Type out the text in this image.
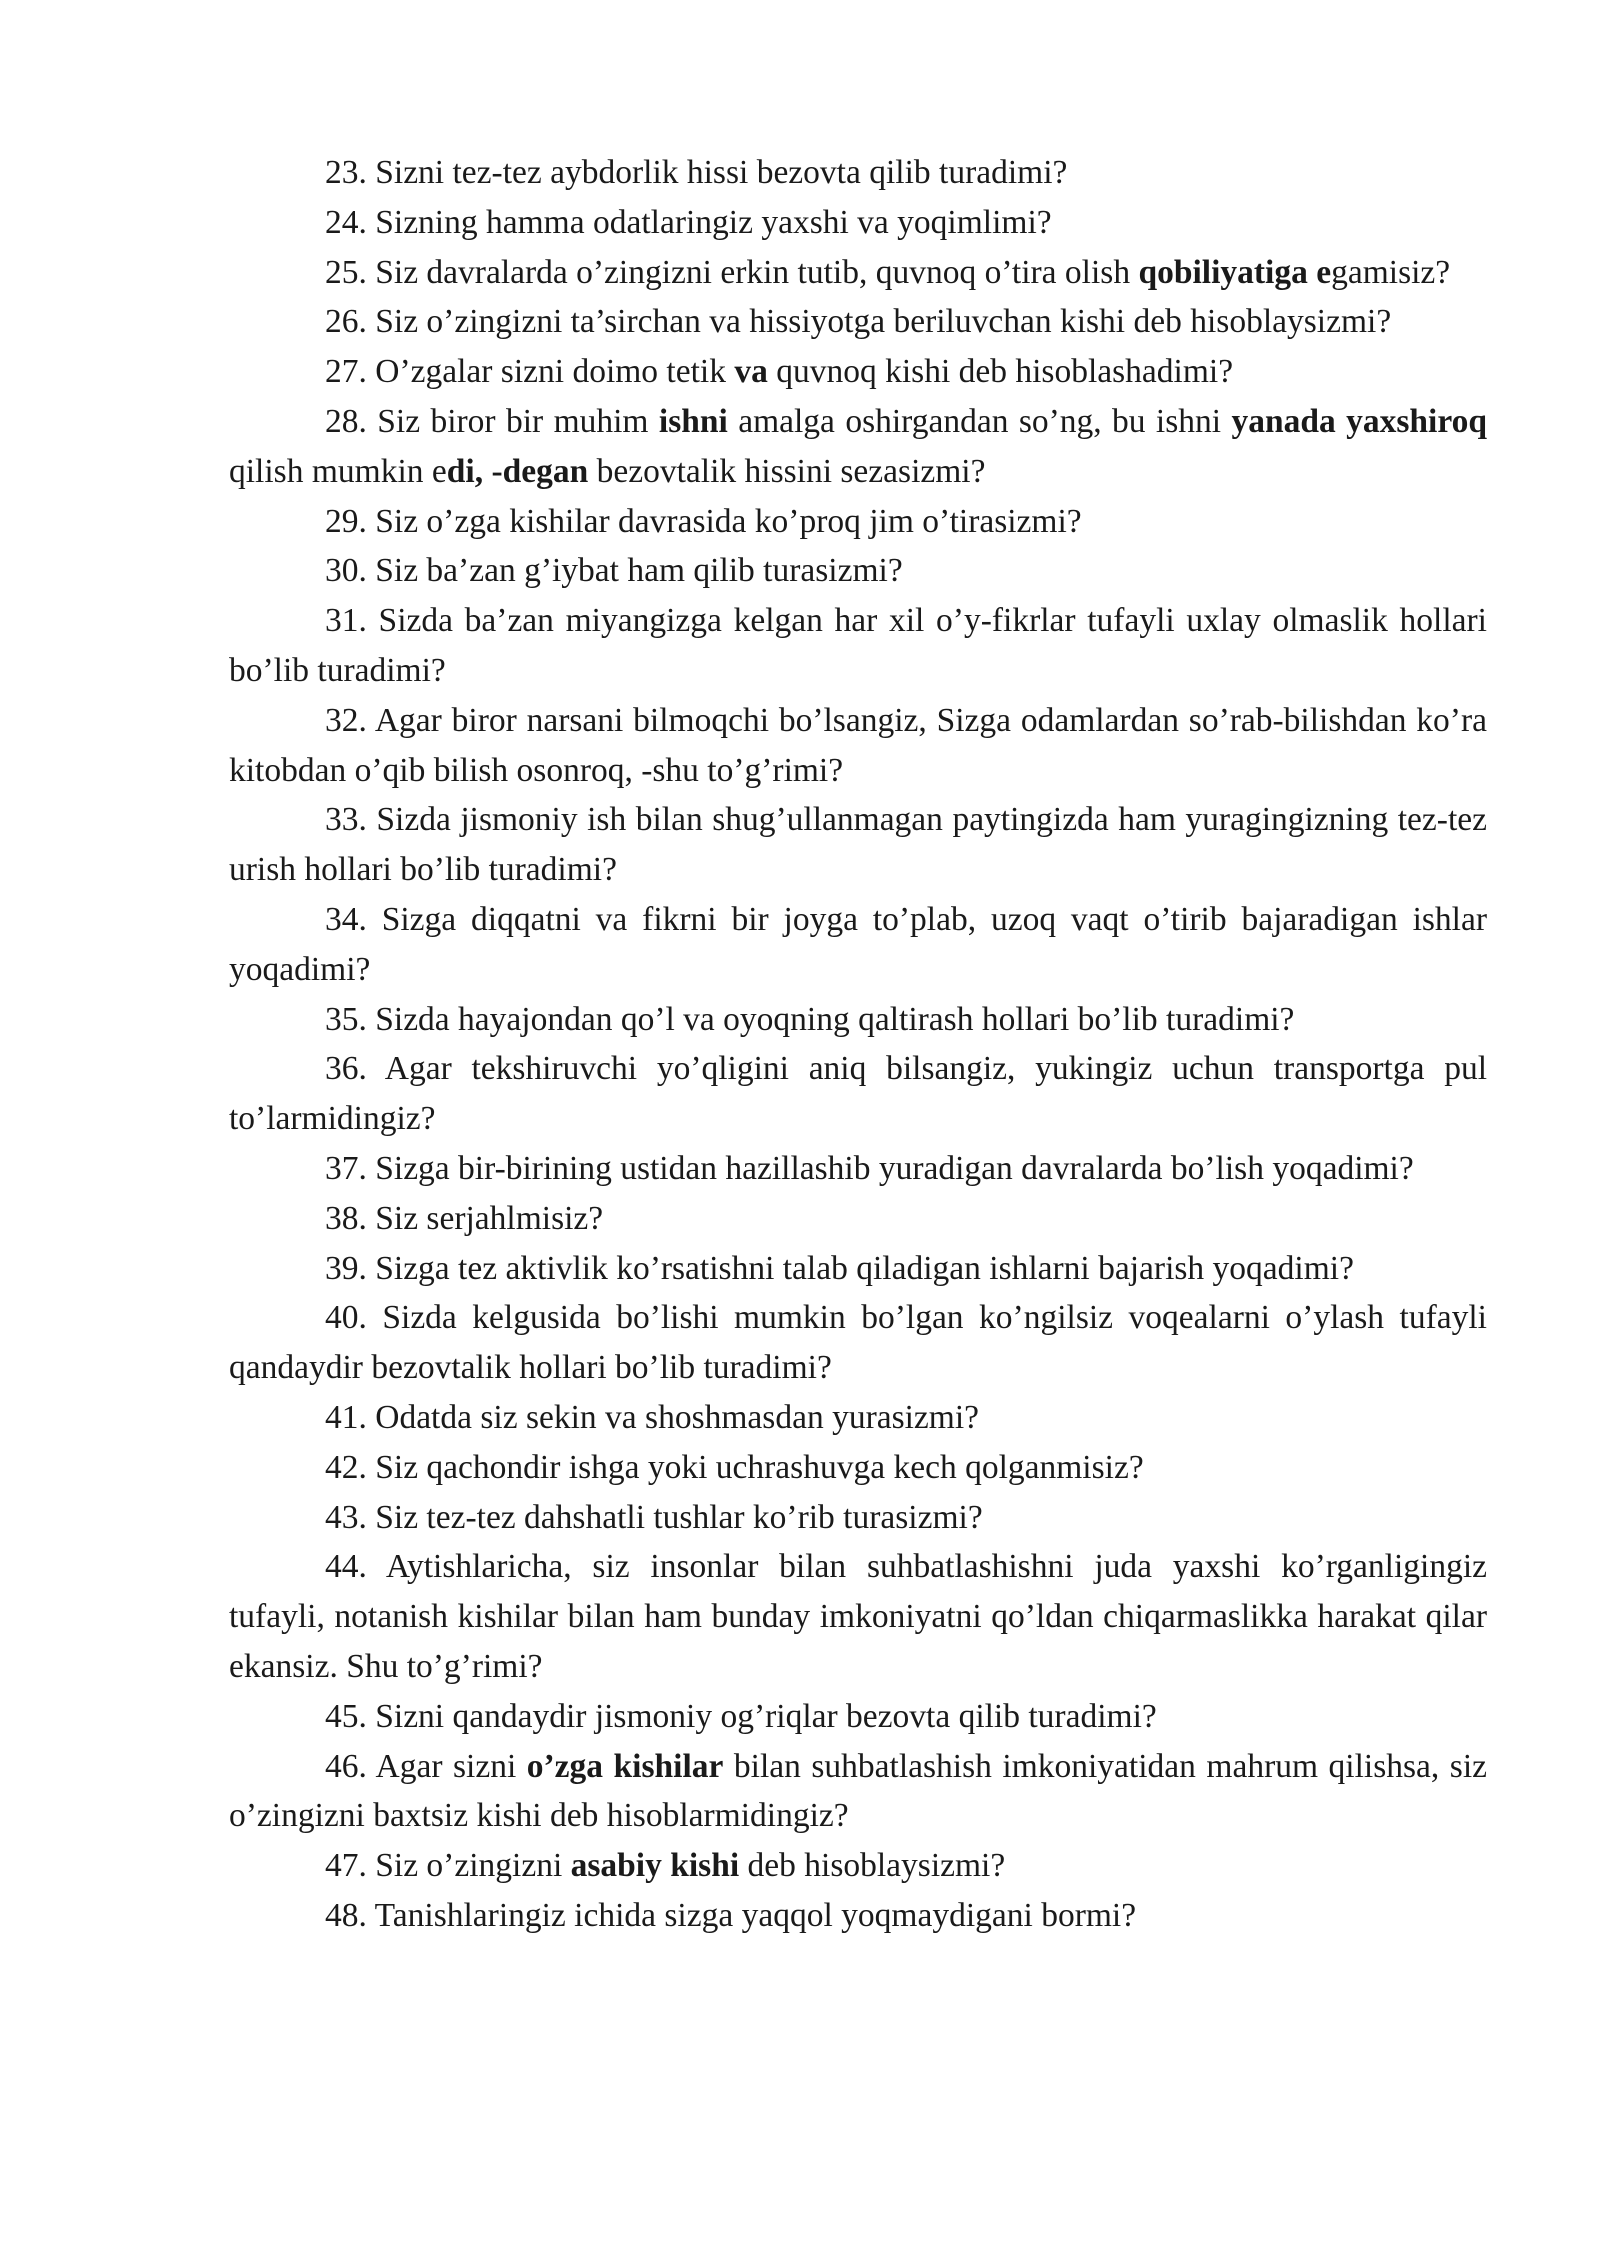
23. Sizni tez-tez aybdorlik hissi bezovta qilib turadimi?

24. Sizning hamma odatlaringiz yaxshi va yoqimlimi?

25. Siz davralarda o’zingizni erkin tutib, quvnoq o’tira olish qobiliyatiga egamisiz?

26. Siz o’zingizni ta’sirchan va hissiyotga beriluvchan kishi deb hisoblaysizmi?

27. O’zgalar sizni doimo tetik va quvnoq kishi deb hisoblashadimi?

28. Siz biror bir muhim ishni amalga oshirgandan so’ng, bu ishni yanada yaxshiroq qilish mumkin edi, -degan bezovtalik hissini sezasizmi?

29. Siz o’zga kishilar davrasida ko’proq jim o’tirasizmi?

30. Siz ba’zan g’iybat ham qilib turasizmi?

31. Sizda ba’zan miyangizga kelgan har xil o’y-fikrlar tufayli uxlay olmaslik hollari bo’lib turadimi?

32. Agar biror narsani bilmoqchi bo’lsangiz, Sizga odamlardan so’rab-bilishdan ko’ra kitobdan o’qib bilish osonroq, -shu to’g’rimi?

33. Sizda jismoniy ish bilan shug’ullanmagan paytingizda ham yuragingizning tez-tez urish hollari bo’lib turadimi?

34. Sizga diqqatni va fikrni bir joyga to’plab, uzoq vaqt o’tirib bajaradigan ishlar yoqadimi?

35. Sizda hayajondan qo’l va oyoqning qaltirash hollari bo’lib turadimi?

36. Agar tekshiruvchi yo’qligini aniq bilsangiz, yukingiz uchun transportga pul to’larmidingiz?

37. Sizga bir-birining ustidan hazillashib yuradigan davralarda bo’lish yoqadimi?

38. Siz serjahlmisiz?

39. Sizga tez aktivlik ko’rsatishni talab qiladigan ishlarni bajarish yoqadimi?

40. Sizda kelgusida bo’lishi mumkin bo’lgan ko’ngilsiz voqealarni o’ylash tufayli qandaydir bezovtalik hollari bo’lib turadimi?

41. Odatda siz sekin va shoshmasdan yurasizmi?

42. Siz qachondir ishga yoki uchrashuvga kech qolganmisiz?

43. Siz tez-tez dahshatli tushlar ko’rib turasizmi?

44. Aytishlaricha, siz insonlar bilan suhbatlashishni juda yaxshi ko’rganligingiz tufayli, notanish kishilar bilan ham bunday imkoniyatni qo’ldan chiqarmaslikka harakat qilar ekansiz. Shu to’g’rimi?

45. Sizni qandaydir jismoniy og’riqlar bezovta qilib turadimi?

46. Agar sizni o’zga kishilar bilan suhbatlashish imkoniyatidan mahrum qilishsa, siz o’zingizni baxtsiz kishi deb hisoblarmidingiz?

47. Siz o’zingizni asabiy kishi deb hisoblaysizmi?

48. Tanishlaringiz ichida sizga yaqqol yoqmaydigani bormi?
